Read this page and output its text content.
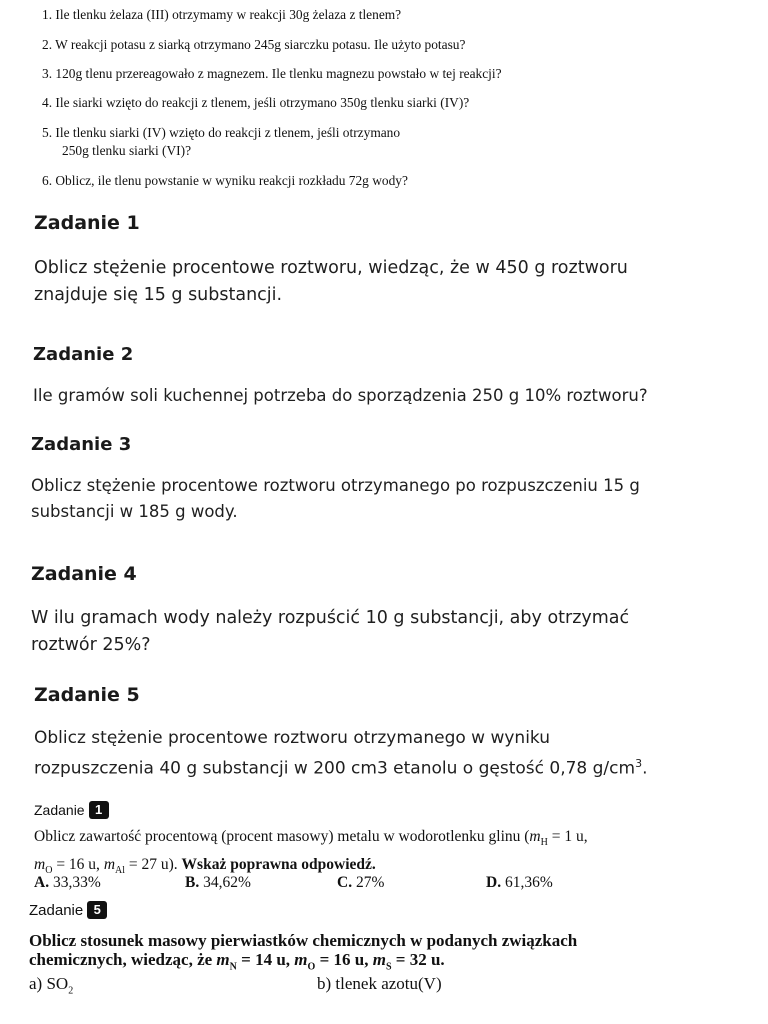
1. Ile tlenku żelaza (III) otrzymamy w reakcji 30g żelaza z tlenem?
2. W reakcji potasu z siarką otrzymano 245g siarczku potasu. Ile użyto potasu?
3. 120g tlenu przereagowało z magnezem. Ile tlenku magnezu powstało w tej reakcji?
4. Ile siarki wzięto do reakcji z tlenem, jeśli otrzymano 350g tlenku siarki (IV)?
5. Ile tlenku siarki (IV) wzięto do reakcji z tlenem, jeśli otrzymano
250g tlenku siarki (VI)?
6. Oblicz, ile tlenu powstanie w wyniku reakcji rozkładu 72g wody?
Zadanie 1
Oblicz stężenie procentowe roztworu, wiedząc, że w 450 g roztworu
znajduje się 15 g substancji.
Zadanie 2
Ile gramów soli kuchennej potrzeba do sporządzenia 250 g 10% roztworu?
Zadanie 3
Oblicz stężenie procentowe roztworu otrzymanego po rozpuszczeniu 15 g
substancji w 185 g wody.
Zadanie 4
W ilu gramach wody należy rozpuścić 10 g substancji, aby otrzymać
roztwór 25%?
Zadanie 5
Oblicz stężenie procentowe roztworu otrzymanego w wyniku
rozpuszczenia 40 g substancji w 200 cm3 etanolu o gęstość 0,78 $g/cm^3$.
Zadanie 1
Oblicz zawartość procentową (procent masowy) metalu w wodorotlenku glinu ($m_H = 1$ u,
$m_O = 16$ u, $m_{Al} = 27$ u). Wskaż poprawna odpowiedź.
A. 33,33%	B. 34,62%	C. 27%	D. 61,36%
Zadanie 5
Oblicz stosunek masowy pierwiastków chemicznych w podanych związkach
chemicznych, wiedząc, że $m_N = 14$ u, $m_O = 16$ u, $m_S = 32$ u.
a) $SO_2$	b) tlenek azotu(V)
